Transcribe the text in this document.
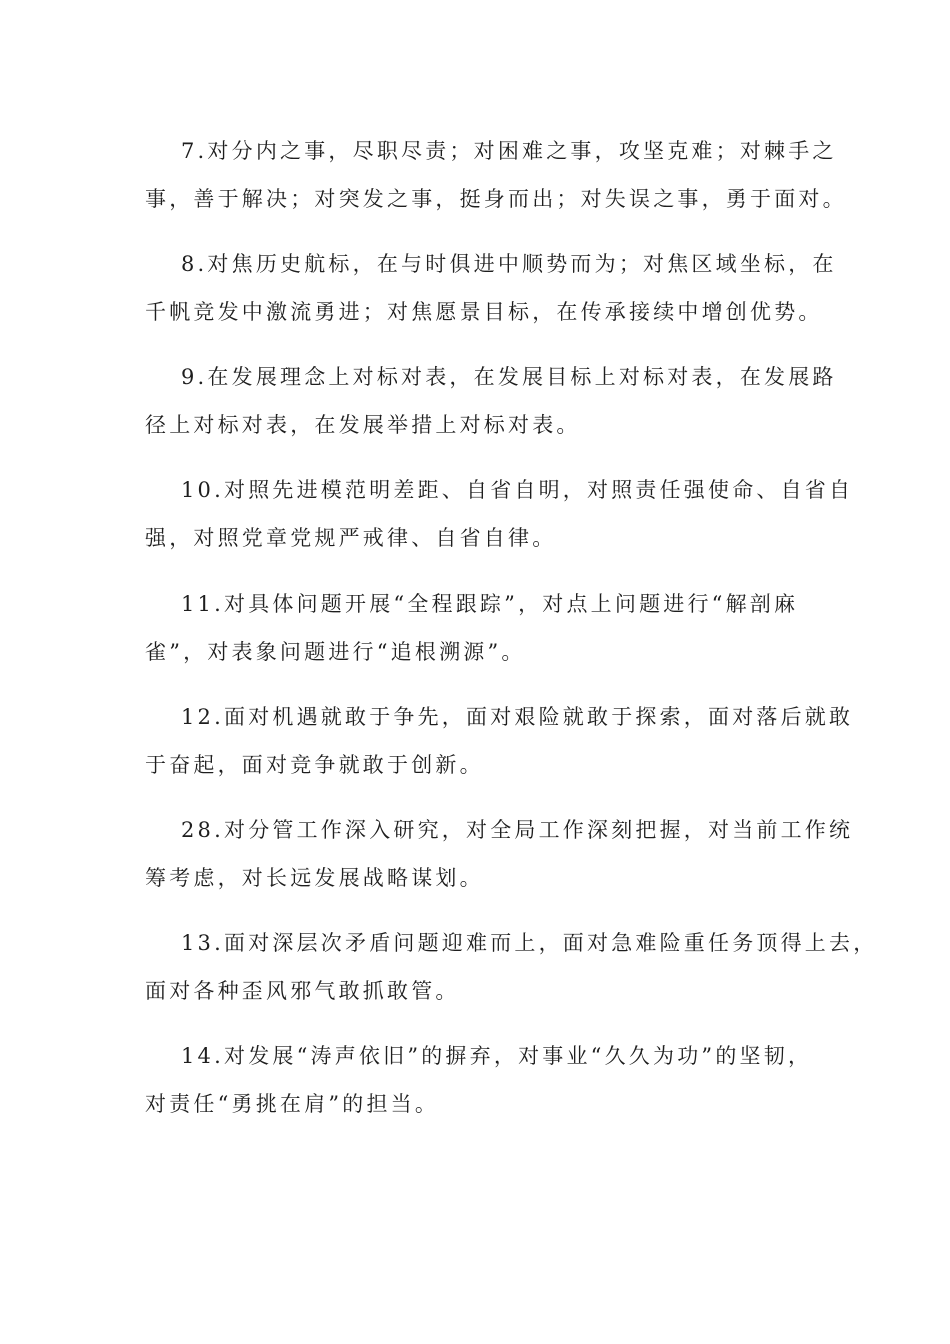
7.对分内之事，尽职尽责；对困难之事，攻坚克难；对棘手之
事，善于解决；对突发之事，挺身而出；对失误之事，勇于面对。
8.对焦历史航标，在与时俱进中顺势而为；对焦区域坐标，在
千帆竞发中激流勇进；对焦愿景目标，在传承接续中增创优势。
9.在发展理念上对标对表，在发展目标上对标对表，在发展路
径上对标对表，在发展举措上对标对表。
10.对照先进模范明差距、自省自明，对照责任强使命、自省自
强，对照党章党规严戒律、自省自律。
11.对具体问题开展“全程跟踪”，对点上问题进行“解剖麻
雀”，对表象问题进行“追根溯源”。
12.面对机遇就敢于争先，面对艰险就敢于探索，面对落后就敢
于奋起，面对竞争就敢于创新。
28.对分管工作深入研究，对全局工作深刻把握，对当前工作统
筹考虑，对长远发展战略谋划。
13.面对深层次矛盾问题迎难而上，面对急难险重任务顶得上去，
面对各种歪风邪气敢抓敢管。
14.对发展“涛声依旧”的摒弃，对事业“久久为功”的坚韧，
对责任“勇挑在肩”的担当。
